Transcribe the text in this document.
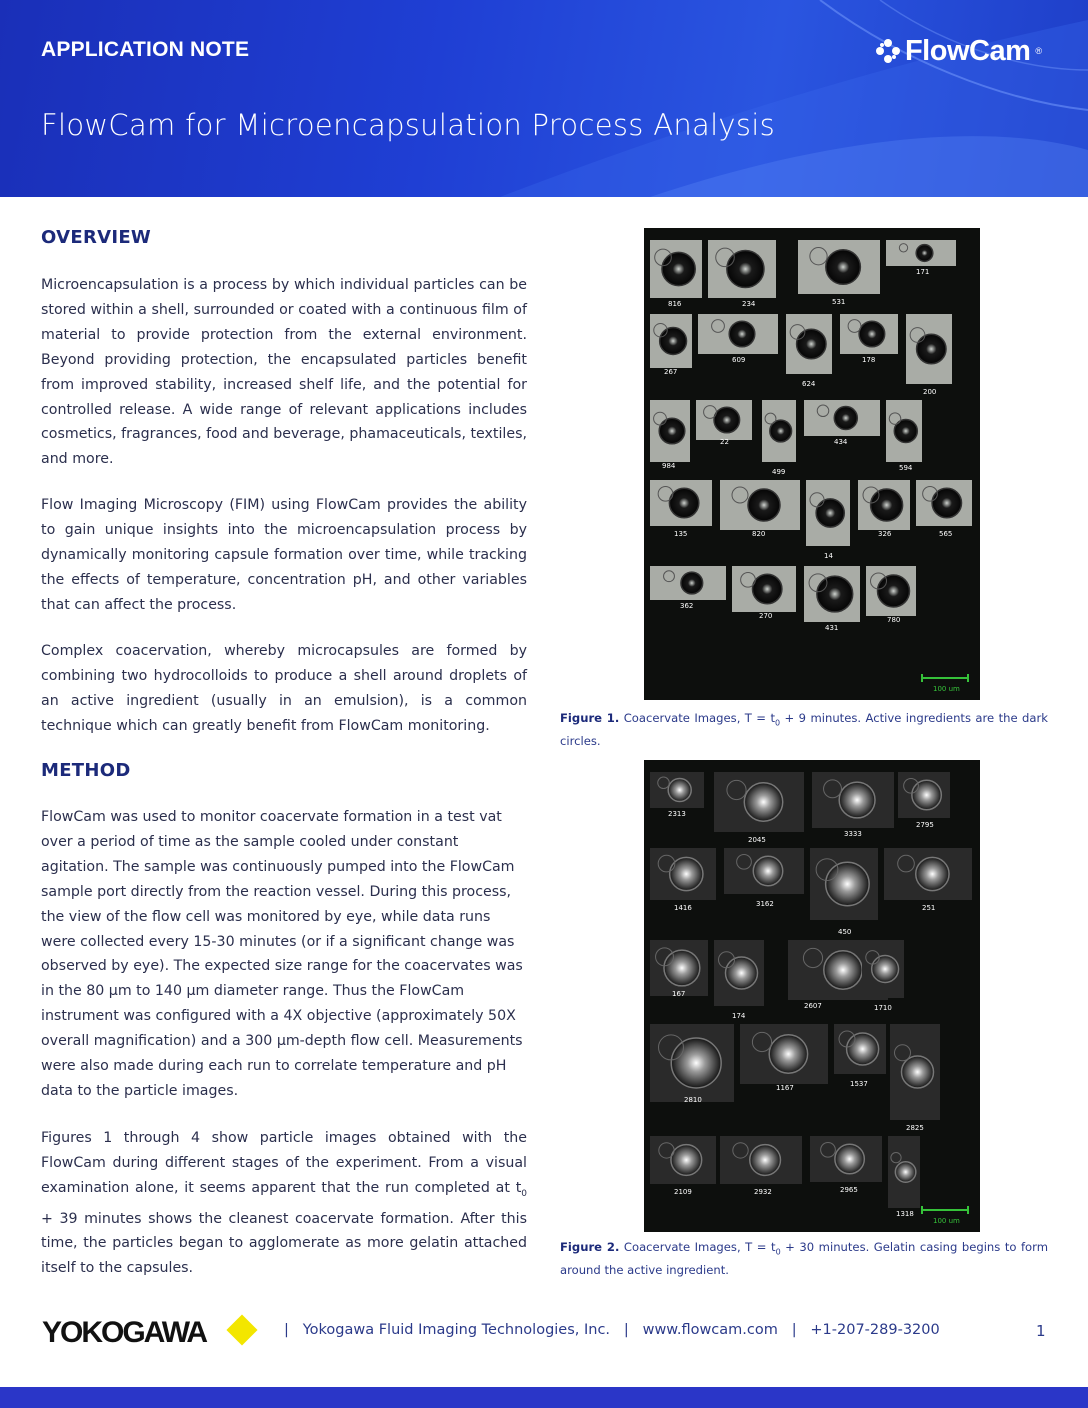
APPLICATION NOTE
FlowCam for Microencapsulation Process Analysis
FlowCam ®
OVERVIEW
Microencapsulation is a process by which individual particles can be stored within a shell, surrounded or coated with a continuous film of material to provide protection from the external environment. Beyond providing protection, the encapsulated particles benefit from improved stability, increased shelf life, and the potential for controlled release. A wide range of relevant applications includes cosmetics, fragrances, food and beverage, phamaceuticals, textiles, and more.
Flow Imaging Microscopy (FIM) using FlowCam provides the ability to gain unique insights into the microencapsulation process by dynamically monitoring capsule formation over time, while tracking the effects of temperature, concentration pH, and other variables that can affect the process.
Complex coacervation, whereby microcapsules are formed by combining two hydrocolloids to produce a shell around droplets of an active ingredient (usually in an emulsion), is a common technique which can greatly benefit from FlowCam monitoring.
METHOD
FlowCam was used to monitor coacervate formation in a test vat over a period of time as the sample cooled under constant agitation. The sample was continuously pumped into the FlowCam sample port directly from the reaction vessel. During this process, the view of the flow cell was monitored by eye, while data runs were collected every 15-30 minutes (or if a significant change was observed by eye). The expected size range for the coacervates was in the 80 µm to 140 µm diameter range. Thus the FlowCam instrument was configured with a 4X objective (approximately 50X overall magnification) and a 300 µm-depth flow cell. Measurements were also made during each run to correlate temperature and pH data to the particle images.
Figures 1 through 4 show particle images obtained with the FlowCam during different stages of the experiment. From a visual examination alone, it seems apparent that the run completed at $t_0 + 39$ minutes shows the cleanest coacervate formation. After this time, the particles began to agglomerate as more gelatin attached itself to the capsules.
816	234	531
171
267
609
624
178
200
984
22
499
434
594
135	820
14
326	565
362
270
431
780
100 um
Figure 1. Coacervate Images, $T = t_0 + 9$ minutes. Active ingredients are the dark circles.
2313
2045
3333
2795
1416	3162
450
251
167
174
2607	1710
2810
1167	1537
2825
2109	2932	2965
1318
100 um
Figure 2. Coacervate Images, $T = t_0 + 30$ minutes. Gelatin casing begins to form around the active ingredient.
YOKOGAWA	|   Yokogawa Fluid Imaging Technologies, Inc.   |   www.flowcam.com   |   +1-207-289-3200	1
